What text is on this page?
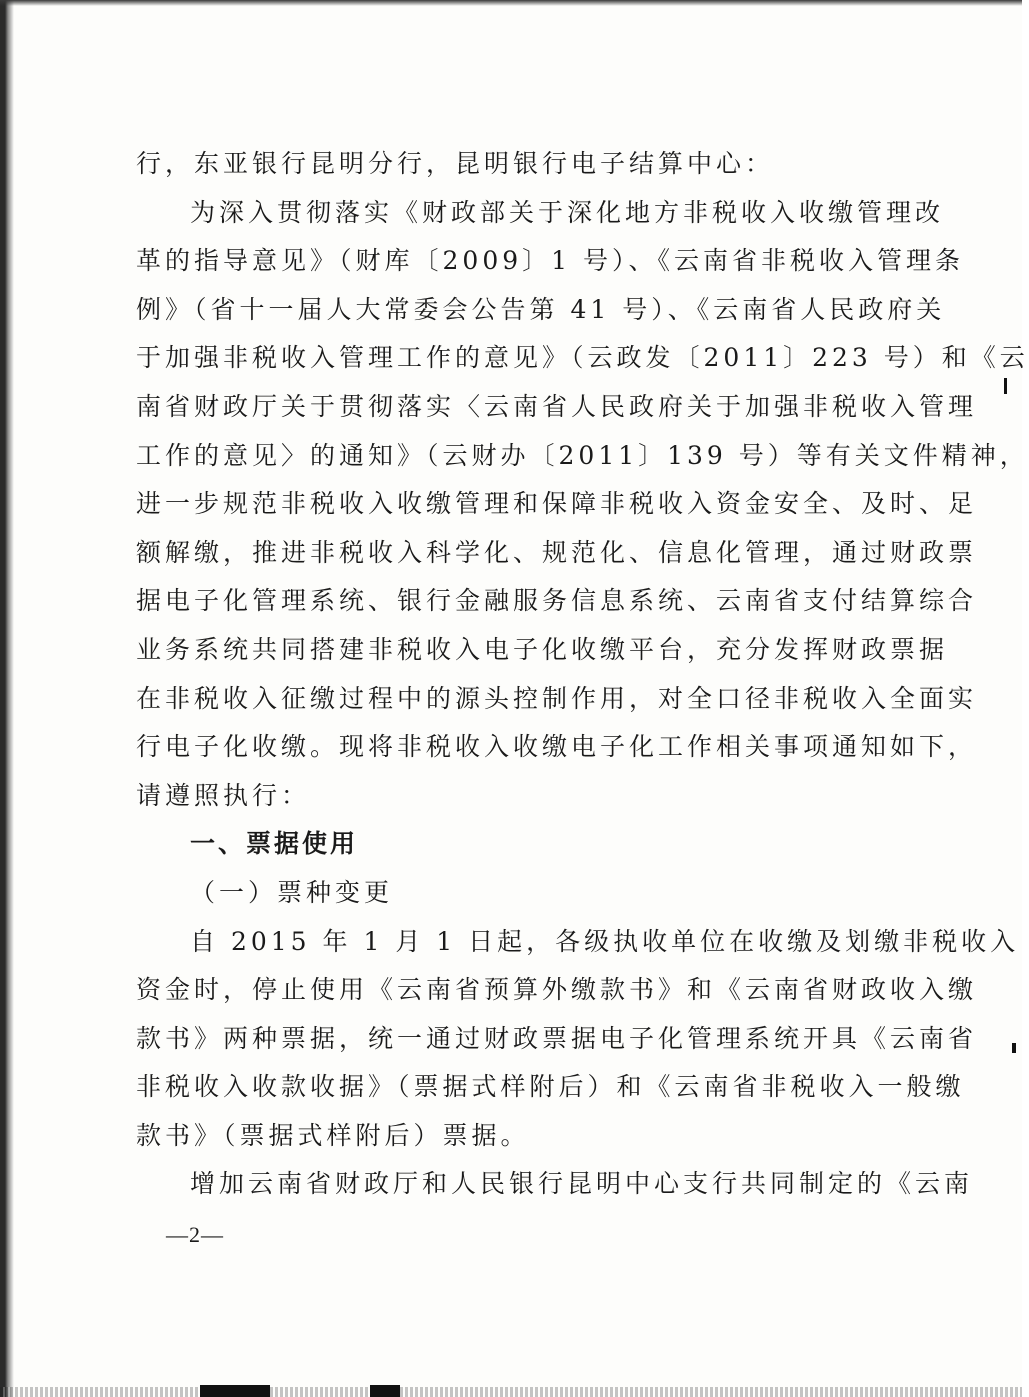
行，东亚银行昆明分行，昆明银行电子结算中心：
为深入贯彻落实《财政部关于深化地方非税收入收缴管理改
革的指导意见》（财库〔2009〕1 号）、《云南省非税收入管理条
例》（省十一届人大常委会公告第 41 号）、《云南省人民政府关
于加强非税收入管理工作的意见》（云政发〔2011〕223 号）和《云
南省财政厅关于贯彻落实〈云南省人民政府关于加强非税收入管理
工作的意见〉的通知》（云财办〔2011〕139 号）等有关文件精神，
进一步规范非税收入收缴管理和保障非税收入资金安全、及时、足
额解缴，推进非税收入科学化、规范化、信息化管理，通过财政票
据电子化管理系统、银行金融服务信息系统、云南省支付结算综合
业务系统共同搭建非税收入电子化收缴平台，充分发挥财政票据
在非税收入征缴过程中的源头控制作用，对全口径非税收入全面实
行电子化收缴。现将非税收入收缴电子化工作相关事项通知如下，
请遵照执行：
一、票据使用
（一）票种变更
自 2015 年 1 月 1 日起，各级执收单位在收缴及划缴非税收入
资金时，停止使用《云南省预算外缴款书》和《云南省财政收入缴
款书》两种票据，统一通过财政票据电子化管理系统开具《云南省
非税收入收款收据》（票据式样附后）和《云南省非税收入一般缴
款书》（票据式样附后）票据。
增加云南省财政厅和人民银行昆明中心支行共同制定的《云南
—2—
